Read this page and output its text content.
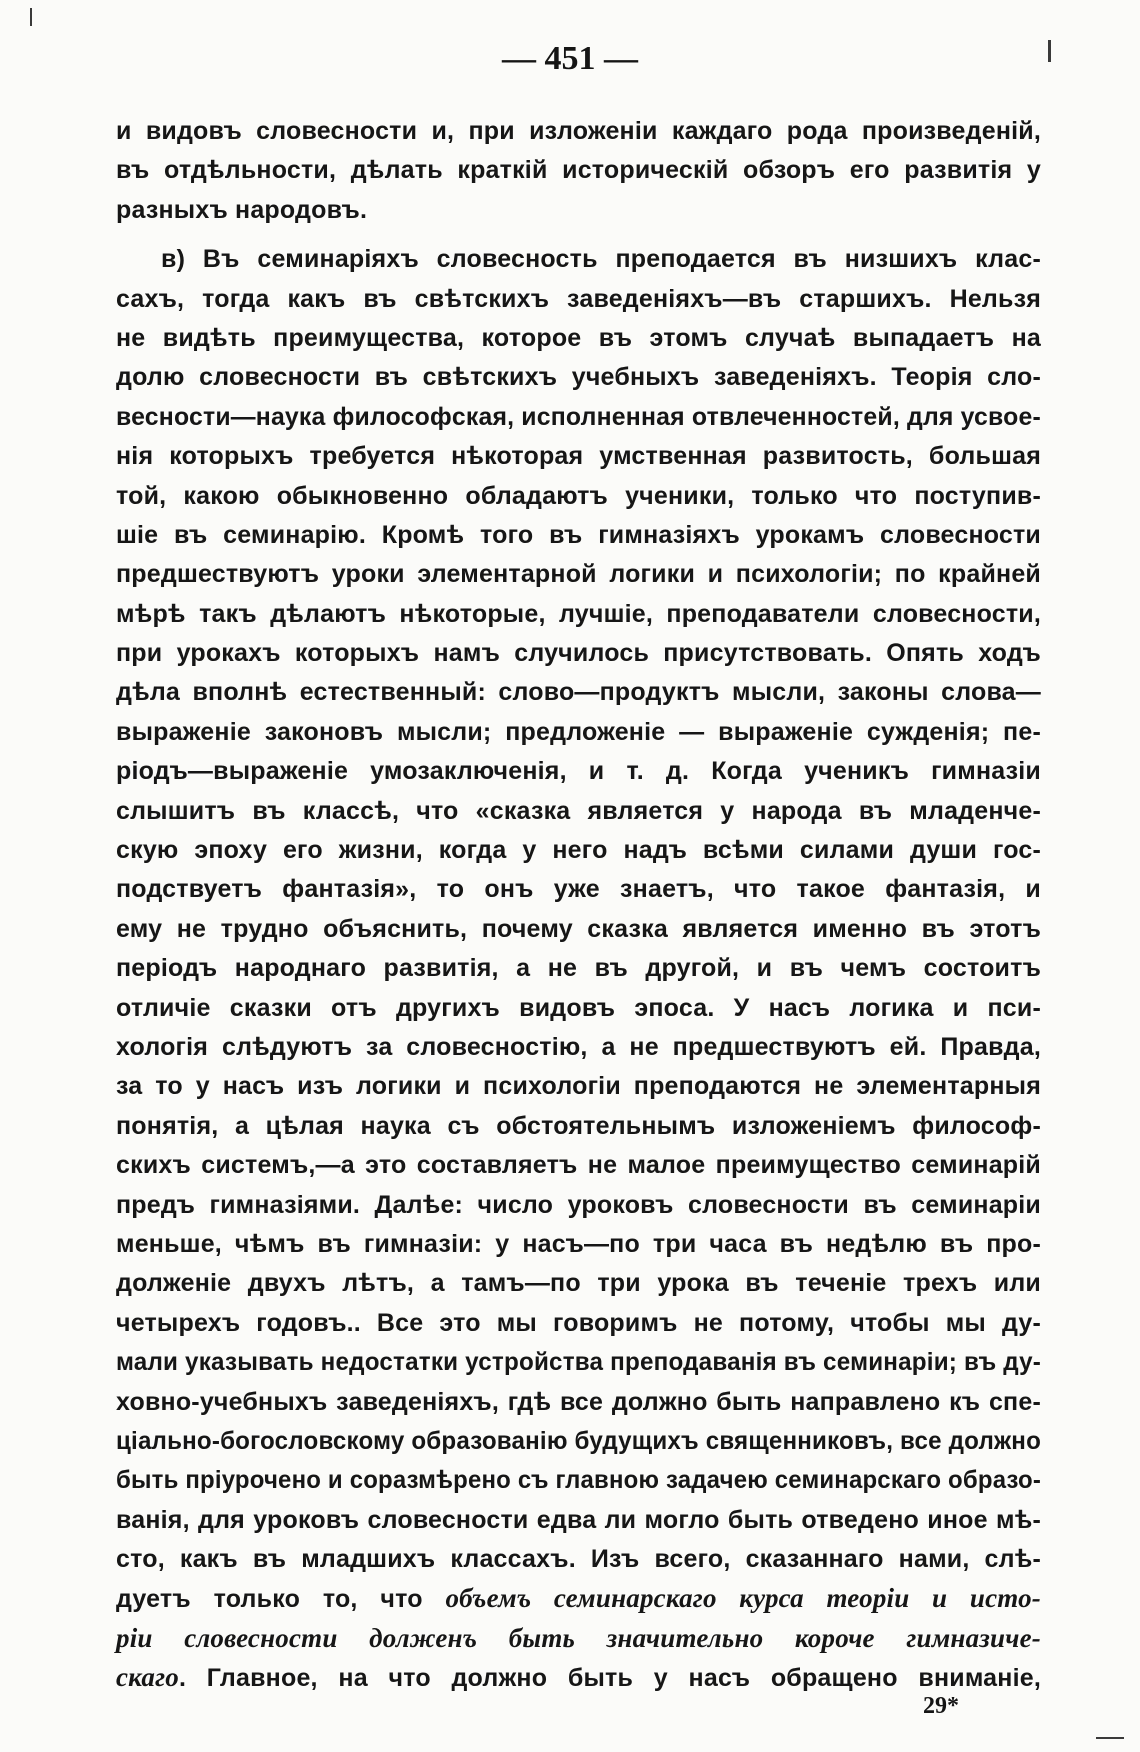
— 451 —
и видовъ словесности и, при изложеніи каждаго рода произведеній,
въ отдѣльности, дѣлать краткій историческій обзоръ его развитія у
разныхъ народовъ.
в) Въ семинаріяхъ словесность преподается въ низшихъ клас-
сахъ, тогда какъ въ свѣтскихъ заведеніяхъ—въ старшихъ. Нельзя
не видѣть преимущества, которое въ этомъ случаѣ выпадаетъ на
долю словесности въ свѣтскихъ учебныхъ заведеніяхъ. Теорія сло-
весности—наука философская, исполненная отвлеченностей, для усвое-
нія которыхъ требуется нѣкоторая умственная развитость, большая
той, какою обыкновенно обладаютъ ученики, только что поступив-
шіе въ семинарію. Кромѣ того въ гимназіяхъ урокамъ словесности
предшествуютъ уроки элементарной логики и психологіи; по крайней
мѣрѣ такъ дѣлаютъ нѣкоторые, лучшіе, преподаватели словесности,
при урокахъ которыхъ намъ случилось присутствовать. Опять ходъ
дѣла вполнѣ естественный: слово—продуктъ мысли, законы слова—
выраженіе законовъ мысли; предложеніе — выраженіе сужденія; пе-
ріодъ—выраженіе умозаключенія, и т. д. Когда ученикъ гимназіи
слышитъ въ классѣ, что «сказка является у народа въ младенче-
скую эпоху его жизни, когда у него надъ всѣми силами души гос-
подствуетъ фантазія», то онъ уже знаетъ, что такое фантазія, и
ему не трудно объяснить, почему сказка является именно въ этотъ
періодъ народнаго развитія, а не въ другой, и въ чемъ состоитъ
отличіе сказки отъ другихъ видовъ эпоса. У насъ логика и пси-
хологія слѣдуютъ за словесностію, а не предшествуютъ ей. Правда,
за то у насъ изъ логики и психологіи преподаются не элементарныя
понятія, а цѣлая наука съ обстоятельнымъ изложеніемъ философ-
скихъ системъ,—а это составляетъ не малое преимущество семинарій
предъ гимназіями. Далѣе: число уроковъ словесности въ семинаріи
меньше, чѣмъ въ гимназіи: у насъ—по три часа въ недѣлю въ про-
долженіе двухъ лѣтъ, а тамъ—по три урока въ теченіе трехъ или
четырехъ годовъ.. Все это мы говоримъ не потому, чтобы мы ду-
мали указывать недостатки устройства преподаванія въ семинаріи; въ ду-
ховно-учебныхъ заведеніяхъ, гдѣ все должно быть направлено къ спе-
ціально-богословскому образованію будущихъ священниковъ, все должно
быть пріурочено и соразмѣрено съ главною задачею семинарскаго образо-
ванія, для уроковъ словесности едва ли могло быть отведено иное мѣ-
сто, какъ въ младшихъ классахъ. Изъ всего, сказаннаго нами, слѣ-
дуетъ только то, что объемъ семинарскаго курса теоріи и исто-
ріи словесности долженъ быть значительно короче гимназиче-
скаго. Главное, на что должно быть у насъ обращено вниманіе,
29*
